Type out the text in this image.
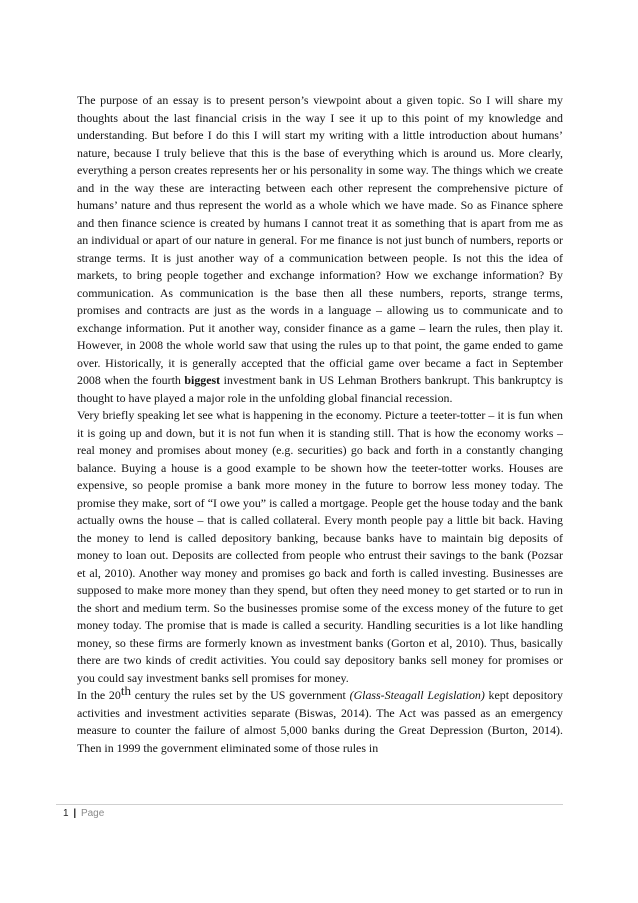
The purpose of an essay is to present person’s viewpoint about a given topic. So I will share my thoughts about the last financial crisis in the way I see it up to this point of my knowledge and understanding. But before I do this I will start my writing with a little introduction about humans’ nature, because I truly believe that this is the base of everything which is around us. More clearly, everything a person creates represents her or his personality in some way. The things which we create and in the way these are interacting between each other represent the comprehensive picture of humans’ nature and thus represent the world as a whole which we have made. So as Finance sphere and then finance science is created by humans I cannot treat it as something that is apart from me as an individual or apart of our nature in general. For me finance is not just bunch of numbers, reports or strange terms. It is just another way of a communication between people. Is not this the idea of markets, to bring people together and exchange information? How we exchange information? By communication. As communication is the base then all these numbers, reports, strange terms, promises and contracts are just as the words in a language – allowing us to communicate and to exchange information. Put it another way, consider finance as a game – learn the rules, then play it. However, in 2008 the whole world saw that using the rules up to that point, the game ended to game over. Historically, it is generally accepted that the official game over became a fact in September 2008 when the fourth biggest investment bank in US Lehman Brothers bankrupt. This bankruptcy is thought to have played a major role in the unfolding global financial recession.

Very briefly speaking let see what is happening in the economy. Picture a teeter-totter – it is fun when it is going up and down, but it is not fun when it is standing still. That is how the economy works – real money and promises about money (e.g. securities) go back and forth in a constantly changing balance. Buying a house is a good example to be shown how the teeter-totter works. Houses are expensive, so people promise a bank more money in the future to borrow less money today. The promise they make, sort of “I owe you” is called a mortgage. People get the house today and the bank actually owns the house – that is called collateral. Every month people pay a little bit back. Having the money to lend is called depository banking, because banks have to maintain big deposits of money to loan out. Deposits are collected from people who entrust their savings to the bank (Pozsar et al, 2010). Another way money and promises go back and forth is called investing. Businesses are supposed to make more money than they spend, but often they need money to get started or to run in the short and medium term. So the businesses promise some of the excess money of the future to get money today. The promise that is made is called a security. Handling securities is a lot like handling money, so these firms are formerly known as investment banks (Gorton et al, 2010). Thus, basically there are two kinds of credit activities. You could say depository banks sell money for promises or you could say investment banks sell promises for money.

In the 20th century the rules set by the US government (Glass-Steagall Legislation) kept depository activities and investment activities separate (Biswas, 2014). The Act was passed as an emergency measure to counter the failure of almost 5,000 banks during the Great Depression (Burton, 2014). Then in 1999 the government eliminated some of those rules in

1 | Page
